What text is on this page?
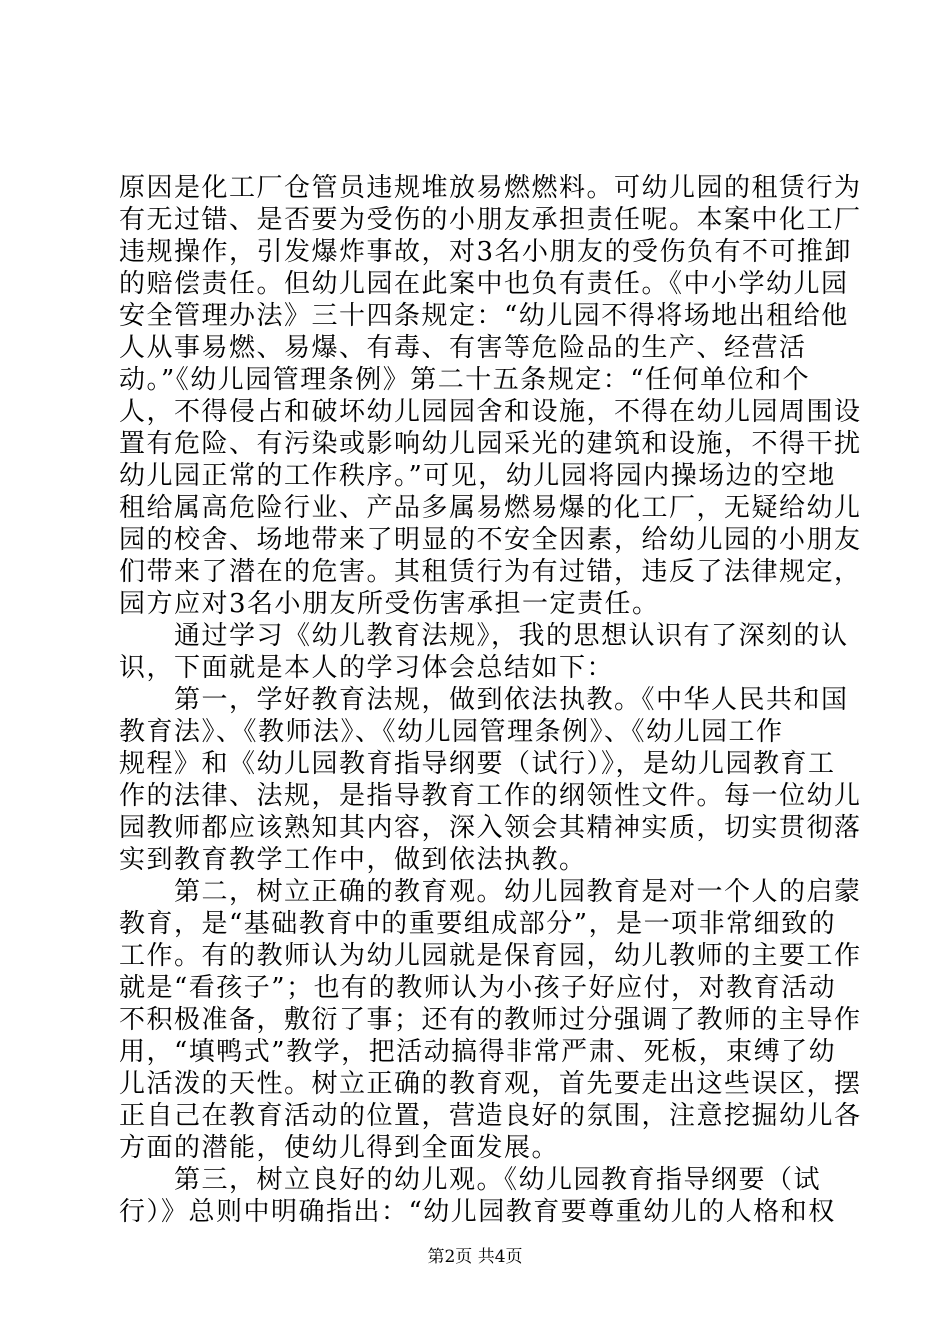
原因是化工厂仓管员违规堆放易燃燃料。可幼儿园的租赁行为

有无过错、是否要为受伤的小朋友承担责任呢。本案中化工厂

违规操作，引发爆炸事故，对3名小朋友的受伤负有不可推卸

的赔偿责任。但幼儿园在此案中也负有责任。《中小学幼儿园

安全管理办法》三十四条规定：“幼儿园不得将场地出租给他

人从事易燃、易爆、有毒、有害等危险品的生产、经营活

动。”《幼儿园管理条例》第二十五条规定：“任何单位和个

人，不得侵占和破坏幼儿园园舍和设施，不得在幼儿园周围设

置有危险、有污染或影响幼儿园采光的建筑和设施，不得干扰

幼儿园正常的工作秩序。”可见，幼儿园将园内操场边的空地

租给属高危险行业、产品多属易燃易爆的化工厂，无疑给幼儿

园的校舍、场地带来了明显的不安全因素，给幼儿园的小朋友

们带来了潜在的危害。其租赁行为有过错，违反了法律规定，

园方应对3名小朋友所受伤害承担一定责任。

　　通过学习《幼儿教育法规》，我的思想认识有了深刻的认

识，下面就是本人的学习体会总结如下：

　　第一，学好教育法规，做到依法执教。《中华人民共和国

教育法》、《教师法》、《幼儿园管理条例》、《幼儿园工作

规程》和《幼儿园教育指导纲要（试行）》，是幼儿园教育工

作的法律、法规，是指导教育工作的纲领性文件。每一位幼儿

园教师都应该熟知其内容，深入领会其精神实质，切实贯彻落

实到教育教学工作中，做到依法执教。

　　第二，树立正确的教育观。幼儿园教育是对一个人的启蒙

教育，是“基础教育中的重要组成部分”，是一项非常细致的

工作。有的教师认为幼儿园就是保育园，幼儿教师的主要工作

就是“看孩子”；也有的教师认为小孩子好应付，对教育活动

不积极准备，敷衍了事；还有的教师过分强调了教师的主导作

用，“填鸭式”教学，把活动搞得非常严肃、死板，束缚了幼

儿活泼的天性。树立正确的教育观，首先要走出这些误区，摆

正自己在教育活动的位置，营造良好的氛围，注意挖掘幼儿各

方面的潜能，使幼儿得到全面发展。

　　第三，树立良好的幼儿观。《幼儿园教育指导纲要（试

行）》总则中明确指出：“幼儿园教育要尊重幼儿的人格和权

第2页 共4页
